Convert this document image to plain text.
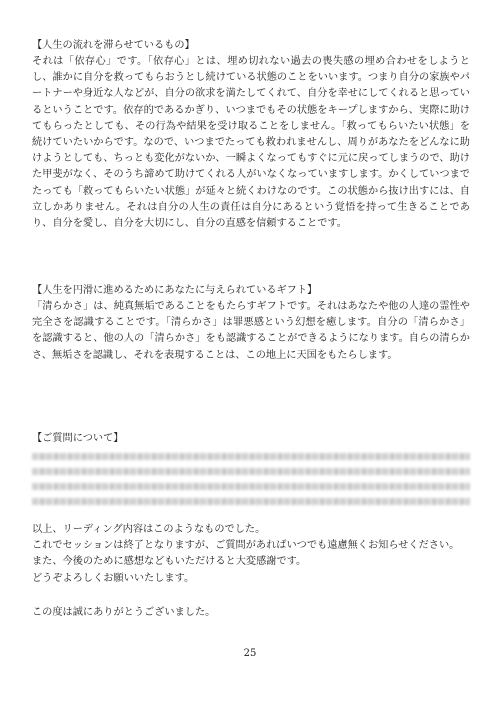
【人生の流れを滞らせているもの】

それは「依存心」です。「依存心」とは、埋め切れない過去の喪失感の埋め合わせをしようとし、誰かに自分を救ってもらおうとし続けている状態のことをいいます。つまり自分の家族やパートナーや身近な人などが、自分の欲求を満たしてくれて、自分を幸せにしてくれると思っているということです。依存的であるかぎり、いつまでもその状態をキープしますから、実際に助けてもらったとしても、その行為や結果を受け取ることをしません。「救ってもらいたい状態」を続けていたいからです。なので、いつまでたっても救われませんし、周りがあなたをどんなに助けようとしても、ちっとも変化がないか、一瞬よくなってもすぐに元に戻ってしまうので、助けた甲斐がなく、そのうち諦めて助けてくれる人がいなくなっていますします。かくしていつまでたっても「救ってもらいたい状態」が延々と続くわけなのです。この状態から抜け出すには、自立しかありません。それは自分の人生の責任は自分にあるという覚悟を持って生きることであり、自分を愛し、自分を大切にし、自分の直感を信頼することです。

【人生を円滑に進めるためにあなたに与えられているギフト】

「清らかさ」は、純真無垢であることをもたらすギフトです。それはあなたや他の人達の霊性や完全さを認識することです。「清らかさ」は罪悪感という幻想を癒します。自分の「清らかさ」を認識すると、他の人の「清らかさ」をも認識することができるようになります。自らの清らかさ、無垢さを認識し、それを表現することは、この地上に天国をもたらします。

【ご質問について】

以上、リーディング内容はこのようなものでした。

これでセッションは終了となりますが、ご質問があればいつでも遠慮無くお知らせください。

また、今後のために感想などもいただけると大変感謝です。

どうぞよろしくお願いいたします。

この度は誠にありがとうございました。

25
